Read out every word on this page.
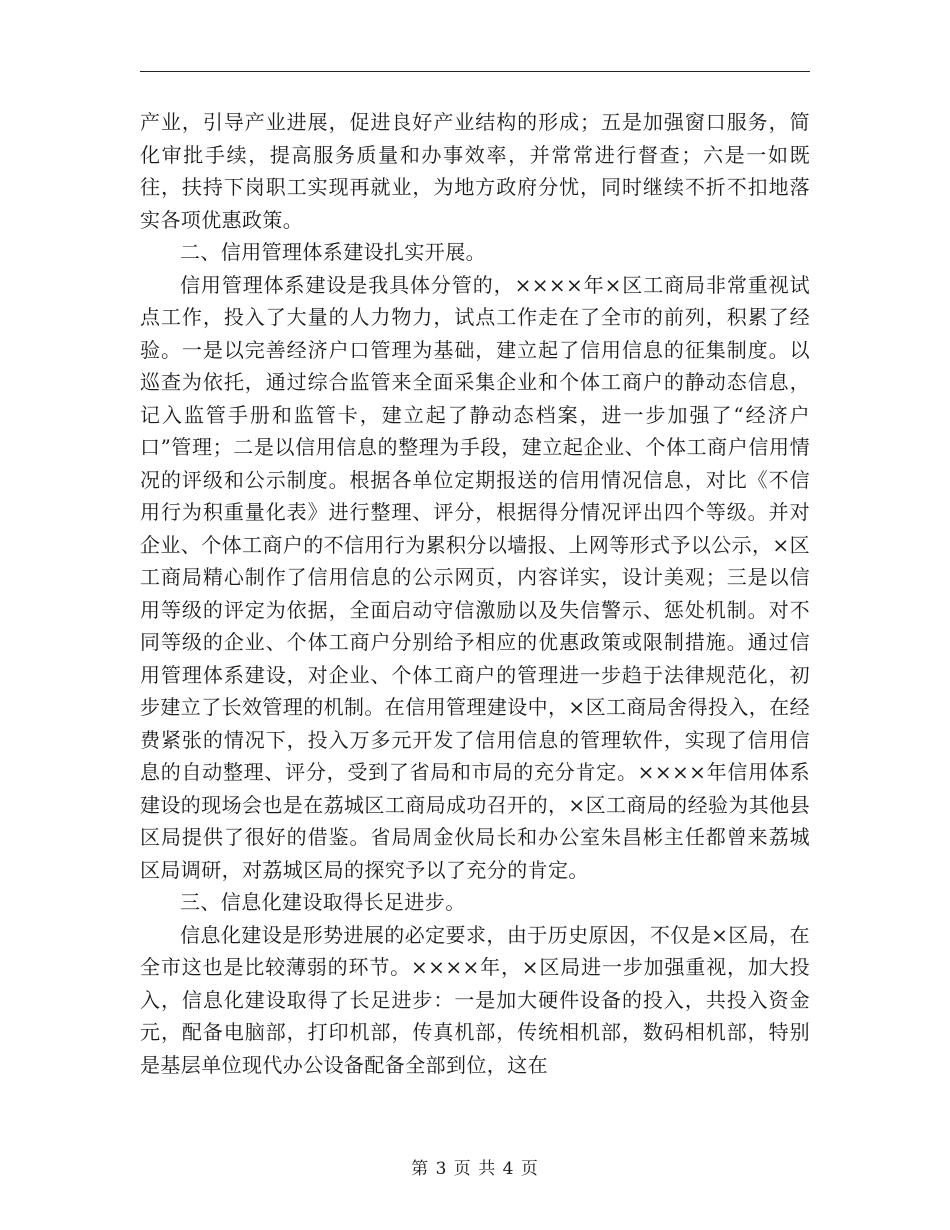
产业，引导产业进展，促进良好产业结构的形成；五是加强窗口服务，简化审批手续，提高服务质量和办事效率，并常常进行督查；六是一如既往，扶持下岗职工实现再就业，为地方政府分忧，同时继续不折不扣地落实各项优惠政策。

二、信用管理体系建设扎实开展。

信用管理体系建设是我具体分管的，××××年×区工商局非常重视试点工作，投入了大量的人力物力，试点工作走在了全市的前列，积累了经验。一是以完善经济户口管理为基础，建立起了信用信息的征集制度。以巡查为依托，通过综合监管来全面采集企业和个体工商户的静动态信息，记入监管手册和监管卡，建立起了静动态档案，进一步加强了“经济户口”管理；二是以信用信息的整理为手段，建立起企业、个体工商户信用情况的评级和公示制度。根据各单位定期报送的信用情况信息，对比《不信用行为积重量化表》进行整理、评分，根据得分情况评出四个等级。并对企业、个体工商户的不信用行为累积分以墙报、上网等形式予以公示，×区工商局精心制作了信用信息的公示网页，内容详实，设计美观；三是以信用等级的评定为依据，全面启动守信激励以及失信警示、惩处机制。对不同等级的企业、个体工商户分别给予相应的优惠政策或限制措施。通过信用管理体系建设，对企业、个体工商户的管理进一步趋于法律规范化，初步建立了长效管理的机制。在信用管理建设中，×区工商局舍得投入，在经费紧张的情况下，投入万多元开发了信用信息的管理软件，实现了信用信息的自动整理、评分，受到了省局和市局的充分肯定。××××年信用体系建设的现场会也是在荔城区工商局成功召开的，×区工商局的经验为其他县区局提供了很好的借鉴。省局周金伙局长和办公室朱昌彬主任都曾来荔城区局调研，对荔城区局的探究予以了充分的肯定。

三、信息化建设取得长足进步。

信息化建设是形势进展的必定要求，由于历史原因，不仅是×区局，在全市这也是比较薄弱的环节。××××年，×区局进一步加强重视，加大投入，信息化建设取得了长足进步：一是加大硬件设备的投入，共投入资金元，配备电脑部，打印机部，传真机部，传统相机部，数码相机部，特别是基层单位现代办公设备配备全部到位，这在

第 3 页 共 4 页
